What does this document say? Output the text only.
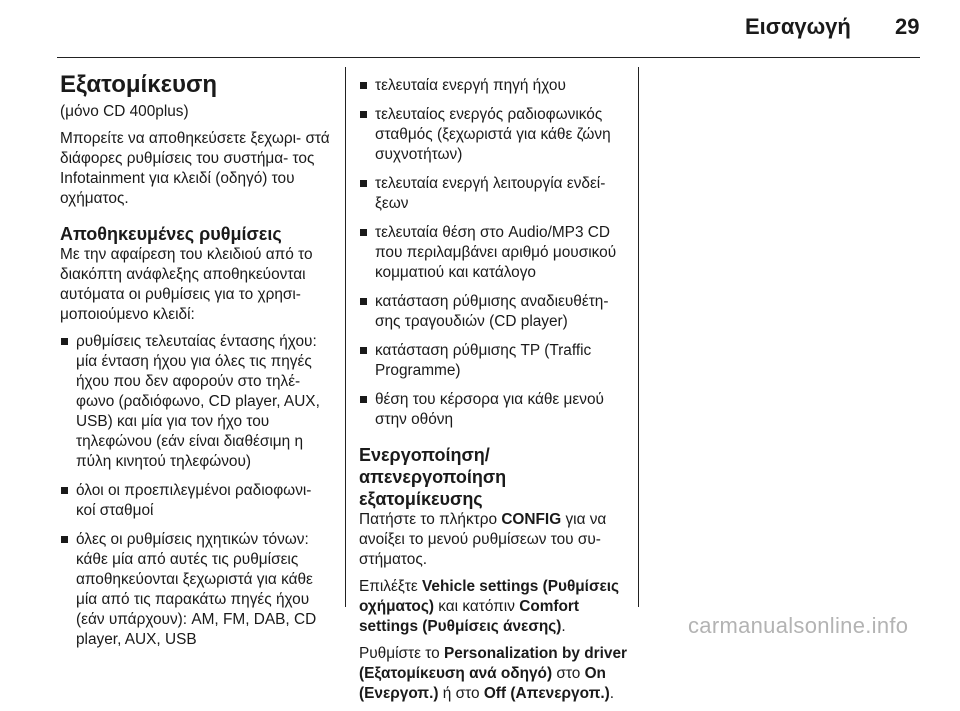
Εισαγωγή 29
Εξατομίκευση

(μόνο CD 400plus)

Μπορείτε να αποθηκεύσετε ξεχωρι- στά διάφορες ρυθμίσεις του συστήμα- τος Infotainment για κλειδί (οδηγό) του οχήματος.

Αποθηκευμένες ρυθμίσεις

Με την αφαίρεση του κλειδιού από το διακόπτη ανάφλεξης αποθηκεύονται αυτόματα οι ρυθμίσεις για το χρησι- μοποιούμενο κλειδί:

ρυθμίσεις τελευταίας έντασης ήχου: μία ένταση ήχου για όλες τις πηγές ήχου που δεν αφορούν στο τηλέ- φωνο (ραδιόφωνο, CD player, AUX, USB) και μία για τον ήχο του τηλεφώνου (εάν είναι διαθέσιμη η πύλη κινητού τηλεφώνου)
όλοι οι προεπιλεγμένοι ραδιοφωνι- κοί σταθμοί
όλες οι ρυθμίσεις ηχητικών τόνων: κάθε μία από αυτές τις ρυθμίσεις αποθηκεύονται ξεχωριστά για κάθε μία από τις παρακάτω πηγές ήχου (εάν υπάρχουν): AM, FM, DAB, CD player, AUX, USB
τελευταία ενεργή πηγή ήχου
τελευταίος ενεργός ραδιοφωνικός σταθμός (ξεχωριστά για κάθε ζώνη συχνοτήτων)
τελευταία ενεργή λειτουργία ενδεί- ξεων
τελευταία θέση στο Audio/MP3 CD που περιλαμβάνει αριθμό μουσικού κομματιού και κατάλογο
κατάσταση ρύθμισης αναδιευθέτη- σης τραγουδιών (CD player)
κατάσταση ρύθμισης TP (Traffic Programme)
θέση του κέρσορα για κάθε μενού στην οθόνη
Ενεργοποίηση/
απενεργοποίηση εξατομίκευσης

Πατήστε το πλήκτρο CONFIG για να ανοίξει το μενού ρυθμίσεων του συ- στήματος.

Επιλέξτε Vehicle settings (Ρυθμίσεις οχήματος) και κατόπιν Comfort settings (Ρυθμίσεις άνεσης).

Ρυθμίστε το Personalization by driver (Εξατομίκευση ανά οδηγό) στο On (Ενεργοπ.) ή στο Off (Απενεργοπ.).

carmanualsonline.info
